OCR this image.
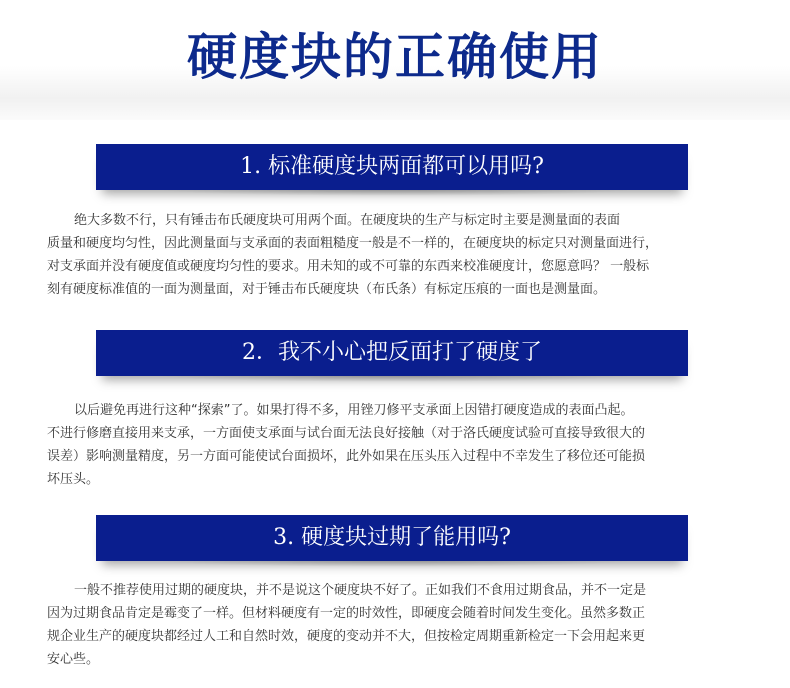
硬度块的正确使用
1. 标准硬度块两面都可以用吗?
绝大多数不行，只有锤击布氏硬度块可用两个面。在硬度块的生产与标定时主要是测量面的表面
质量和硬度均匀性，因此测量面与支承面的表面粗糙度一般是不一样的，在硬度块的标定只对测量面进行，
对支承面并没有硬度值或硬度均匀性的要求。用未知的或不可靠的东西来校准硬度计，您愿意吗？ 一般标
刻有硬度标准值的一面为测量面，对于锤击布氏硬度块（布氏条）有标定压痕的一面也是测量面。
2．我不小心把反面打了硬度了
以后避免再进行这种“探索”了。如果打得不多，用锉刀修平支承面上因错打硬度造成的表面凸起。
不进行修磨直接用来支承，一方面使支承面与试台面无法良好接触（对于洛氏硬度试验可直接导致很大的
误差）影响测量精度，另一方面可能使试台面损坏，此外如果在压头压入过程中不幸发生了移位还可能损
坏压头。
3. 硬度块过期了能用吗?
一般不推荐使用过期的硬度块，并不是说这个硬度块不好了。正如我们不食用过期食品，并不一定是
因为过期食品肯定是霉变了一样。但材料硬度有一定的时效性，即硬度会随着时间发生变化。虽然多数正
规企业生产的硬度块都经过人工和自然时效，硬度的变动并不大，但按检定周期重新检定一下会用起来更
安心些。
